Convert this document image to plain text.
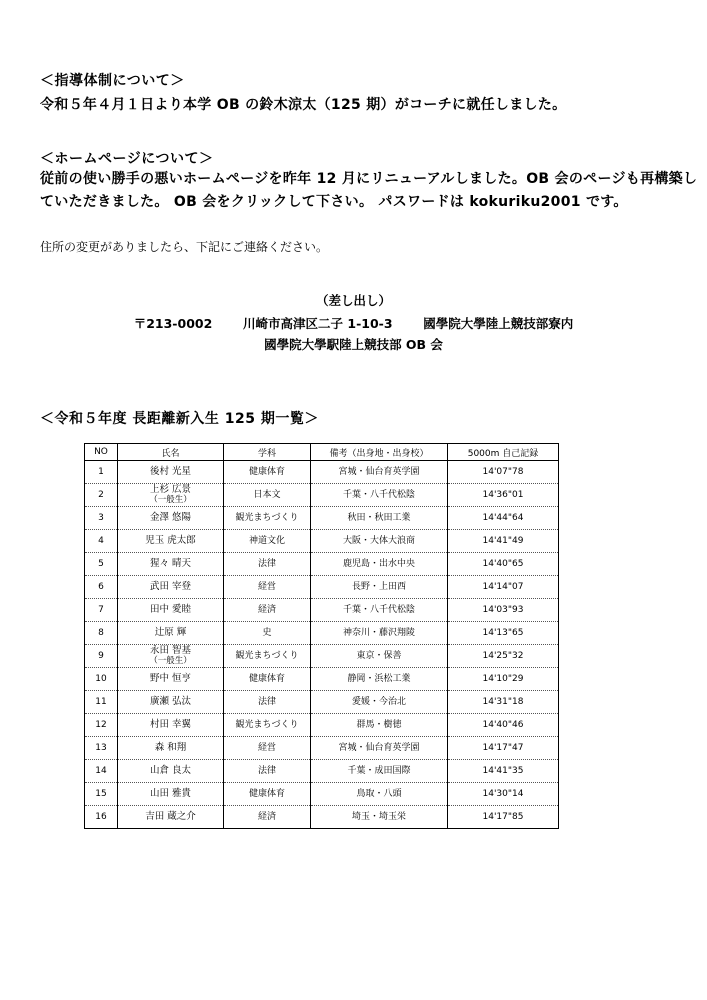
＜指導体制について＞
令和５年４月１日より本学 OB の鈴木涼太（125 期）がコーチに就任しました。
＜ホームページについて＞
従前の使い勝手の悪いホームページを昨年 12 月にリニューアルしました。OB 会のページも再構築し
ていただきました。 OB 会をクリックして下さい。 パスワードは kokuriku2001 です。
住所の変更がありましたら、下記にご連絡ください。
（差し出し）
〒213-0002 川崎市高津区二子 1-10-3 國學院大學陸上競技部寮内
國學院大學駅陸上競技部 OB 会
＜令和５年度 長距離新入生 125 期一覧＞
NO	氏名	学科	備考（出身地・出身校）	5000m 自己記録
1	後村 光星	健康体育	宮城・仙台育英学園	14'07"78
2	上杉 広景
（一般生）	日本文	千葉・八千代松陰	14'36"01
3	金澤 悠陽	観光まちづくり	秋田・秋田工業	14'44"64
4	児玉 虎太郎	神道文化	大阪・大体大浪商	14'41"49
5	猩々 晴天	法律	鹿児島・出水中央	14'40"65
6	武田 宰登	経営	長野・上田西	14'14"07
7	田中 愛睦	経済	千葉・八千代松陰	14'03"93
8	辻原 輝	史	神奈川・藤沢翔陵	14'13"65
9	永田 智基
（一般生）	観光まちづくり	東京・保善	14'25"32
10	野中 恒亨	健康体育	静岡・浜松工業	14'10"29
11	廣瀬 弘汰	法律	愛媛・今治北	14'31"18
12	村田 幸翼	観光まちづくり	群馬・樹徳	14'40"46
13	森 和翔	経営	宮城・仙台育英学園	14'17"47
14	山倉 良太	法律	千葉・成田国際	14'41"35
15	山田 雅貴	健康体育	鳥取・八頭	14'30"14
16	吉田 蔵之介	経済	埼玉・埼玉栄	14'17"85
